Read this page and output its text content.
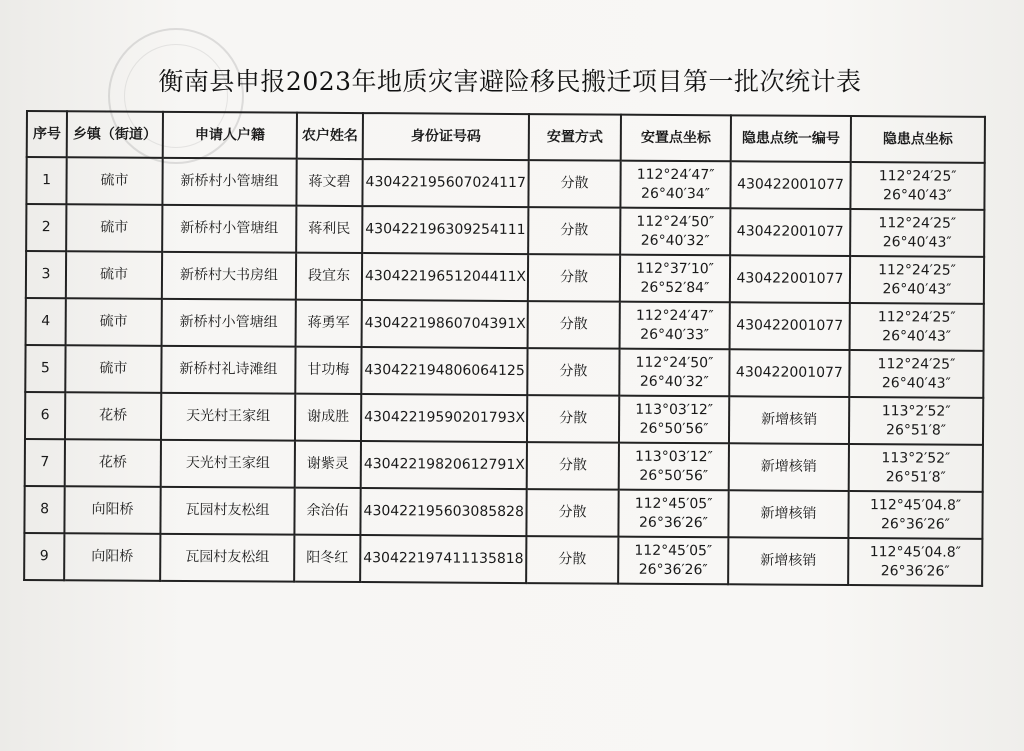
衡南县申报2023年地质灾害避险移民搬迁项目第一批次统计表
序号	乡镇（街道）	申请人户籍	农户姓名	身份证号码	安置方式	安置点坐标	隐患点统一编号	隐患点坐标
1	硫市	新桥村小管塘组	蒋文碧	430422195607024117	分散	112°24′47″
26°40′34″	430422001077	112°24′25″
26°40′43″

2	硫市	新桥村小管塘组	蒋利民	430422196309254111	分散	112°24′50″
26°40′32″	430422001077	112°24′25″
26°40′43″

3	硫市	新桥村大书房组	段宜东	43042219651204411X	分散	112°37′10″
26°52′84″	430422001077	112°24′25″
26°40′43″

4	硫市	新桥村小管塘组	蒋勇军	43042219860704391X	分散	112°24′47″
26°40′33″	430422001077	112°24′25″
26°40′43″

5	硫市	新桥村礼诗滩组	甘功梅	430422194806064125	分散	112°24′50″
26°40′32″	430422001077	112°24′25″
26°40′43″

6	花桥	天光村王家组	谢成胜	43042219590201793X	分散	113°03′12″
26°50′56″	新增核销	113°2′52″
26°51′8″

7	花桥	天光村王家组	谢紫灵	43042219820612791X	分散	113°03′12″
26°50′56″	新增核销	113°2′52″
26°51′8″

8	向阳桥	瓦园村友松组	余治佑	430422195603085828	分散	112°45′05″
26°36′26″	新增核销	112°45′04.8″
26°36′26″

9	向阳桥	瓦园村友松组	阳冬红	430422197411135818	分散	112°45′05″
26°36′26″	新增核销	112°45′04.8″
26°36′26″
